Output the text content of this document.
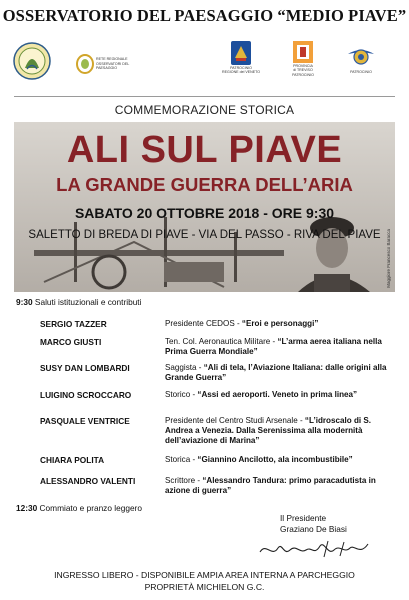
OSSERVATORIO DEL PAESAGGIO “MEDIO PIAVE”
RETE REGIONALE OSSERVATORI DEL PAESAGGIO	PATROCINIO
REGIONE del VENETO
PROVINCIA
di TREVISO
PATROCINIO
PATROCINIO
COMMEMORAZIONE STORICA
ALI SUL PIAVE
LA GRANDE GUERRA DELL’ARIA
SABATO 20 OTTOBRE 2018 - ORE 9:30
SALETTO DI BREDA DI PIAVE - VIA DEL PASSO - RIVA DEL PIAVE	Maggiore Francesco Baracca
9:30 Saluti istituzionali e contributi
SERGIO TAZZER	Presidente CEDOS - “Eroi e personaggi”
MARCO GIUSTI	Ten. Col. Aeronautica Militare - “L’arma aerea italiana nella Prima Guerra Mondiale”
SUSY DAN LOMBARDI	Saggista - “Ali di tela, l’Aviazione Italiana: dalle origini alla Grande Guerra”
LUIGINO SCROCCARO	Storico - “Assi ed aeroporti. Veneto in prima linea”
PASQUALE VENTRICE	Presidente del Centro Studi Arsenale - “L’idroscalo di S. Andrea a Venezia. Dalla Serenissima alla modernità dell’aviazione di Marina”
CHIARA POLITA	Storica - “Giannino Ancilotto, ala incombustibile”
ALESSANDRO VALENTI	Scrittore - “Alessandro Tandura: primo paracadutista in azione di guerra”
12:30 Commiato e pranzo leggero
Il Presidente
Graziano De Biasi
INGRESSO LIBERO - DISPONIBILE AMPIA AREA INTERNA A PARCHEGGIO
PROPRIETÀ MICHIELON G.C.
